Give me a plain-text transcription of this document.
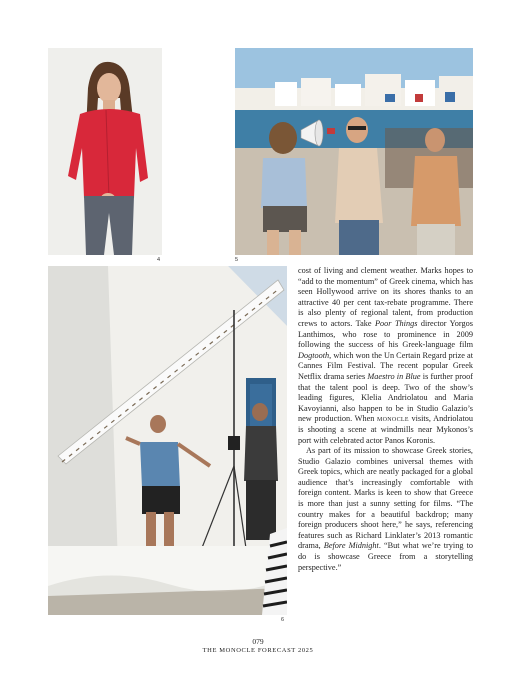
4	5
6

cost of living and clement weather. Marks hopes to “add to the momentum” of Greek cinema, which has seen Hollywood arrive on its shores thanks to an attractive 40 per cent tax-rebate programme. There is also plenty of regional talent, from production crews to actors. Take Poor Things director Yorgos Lanthimos, who rose to prominence in 2009 following the success of his Greek-language film Dogtooth, which won the Un Certain Regard prize at Cannes Film Festival. The recent popular Greek Netflix drama series Maestro in Blue is further proof that the talent pool is deep. Two of the show’s leading figures, Klelia Andriolatou and Maria Kavoyianni, also happen to be in Studio Galazio’s new production. When monocle visits, Andriolatou is shooting a scene at windmills near Mykonos’s port with celebrated actor Panos Koronis.

As part of its mission to showcase Greek stories, Studio Galazio combines universal themes with Greek topics, which are neatly packaged for a global audience that’s increasingly comfortable with foreign content. Marks is keen to show that Greece is more than just a sunny setting for films. “The country makes for a beautiful backdrop; many foreign producers shoot here,” he says, referencing features such as Richard Linklater’s 2013 romantic drama, Before Midnight. “But what we’re trying to do is showcase Greece from a storytelling perspective.”

079
THE MONOCLE FORECAST 2025
